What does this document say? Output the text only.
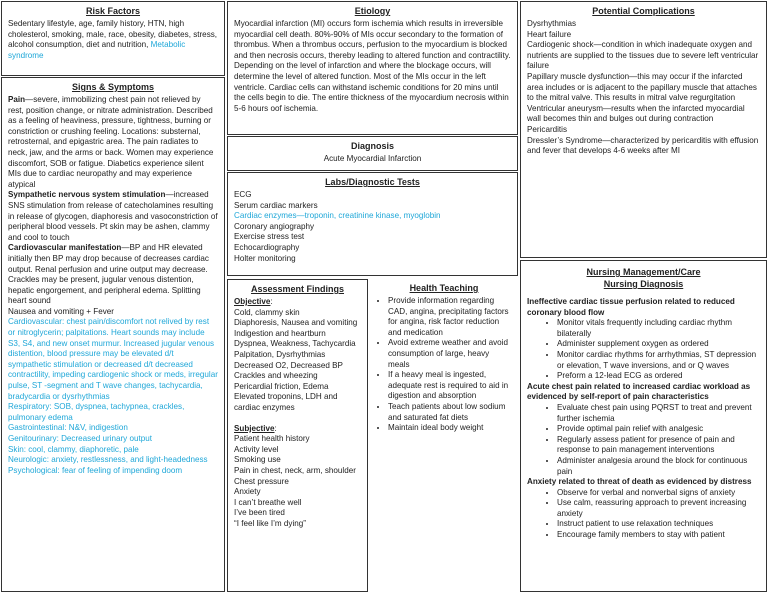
Risk Factors

Sedentary lifestyle, age, family history, HTN, high cholesterol, smoking, male, race, obesity, diabetes, stress, alcohol consumption, diet and nutrition, Metabolic syndrome

Signs & Symptoms

Pain—severe, immobilizing chest pain not relieved by rest, position change, or nitrate administration. Described as a feeling of heaviness, pressure, tightness, burning or constriction or crushing feeling. Locations: substernal, retrosternal, and epigastric area. The pain radiates to neck, jaw, and the arms or back. Women may experience discomfort, SOB or fatigue. Diabetics experience silent MIs due to cardiac neuropathy and may experience atypical

Sympathetic nervous system stimulation—increased SNS stimulation from release of catecholamines resulting in release of glycogen, diaphoresis and vasoconstriction of peripheral blood vessels. Pt skin may be ashen, clammy and cool to touch

Cardiovascular manifestation—BP and HR elevated initially then BP may drop because of decreases cardiac output. Renal perfusion and urine output may decrease. Crackles may be present, jugular venous distention, hepatic engorgement, and peripheral edema. Splitting heart sound

Nausea and vomiting + Fever

Cardiovascular: chest pain/discomfort not relived by rest or nitroglycerin; palpitations. Heart sounds may include S3, S4, and new onset murmur. Increased jugular venous distention, blood pressure may be elevated d/t sympathetic stimulation or decreased d/t decreased contractility, impeding cardiogenic shock or meds, irregular pulse, ST -segment and T wave changes, tachycardia, bradycardia or dysrhythmias

Respiratory: SOB, dyspnea, tachypnea, crackles, pulmonary edema

Gastrointestinal: N&V, indigestion

Genitourinary: Decreased urinary output

Skin: cool, clammy, diaphoretic, pale

Neurologic: anxiety, restlessness, and light-headedness

Psychological: fear of feeling of impending doom

Etiology

Myocardial infarction (MI) occurs form ischemia which results in irreversible myocardial cell death. 80%-90% of MIs occur secondary to the formation of thrombus. When a thrombus occurs, perfusion to the myocardium is blocked and then necrosis occurs, thereby leading to altered function and contractility. Depending on the level of infarction and where the blockage occurs, will determine the level of altered function. Most of the MIs occur in the left ventricle. Cardiac cells can withstand ischemic conditions for 20 mins until the cells begin to die. The entire thickness of the myocardium necrosis within 5-6 hours oof ischemia.

Diagnosis

Acute Myocardial Infarction

Labs/Diagnostic Tests

ECG

Serum cardiac markers

Cardiac enzymes—troponin, creatinine kinase, myoglobin

Coronary angiography

Exercise stress test

Echocardiography

Holter monitoring

Assessment Findings

Objective:

Cold, clammy skin

Diaphoresis, Nausea and vomiting

Indigestion and heartburn

Dyspnea, Weakness, Tachycardia

Palpitation, Dysrhythmias

Decreased O2, Decreased BP

Crackles and wheezing

Pericardial friction, Edema

Elevated troponins, LDH and cardiac enzymes

Subjective:

Patient health history

Activity level

Smoking use

Pain in chest, neck, arm, shoulder

Chest pressure

Anxiety

I can’t breathe well

I’ve been tired

“I feel like I’m dying”

Health Teaching
• Provide information regarding CAD, angina, precipitating factors for angina, risk factor reduction and medication
• Avoid extreme weather and avoid consumption of large, heavy meals
• If a heavy meal is ingested, adequate rest is required to aid in digestion and absorption
• Teach patients about low sodium and saturated fat diets
• Maintain ideal body weight
Potential Complications

Dysrhythmias

Heart failure

Cardiogenic shock—condition in which inadequate oxygen and nutrients are supplied to the tissues due to severe left ventricular failure

Papillary muscle dysfunction—this may occur if the infarcted area includes or is adjacent to the papillary muscle that attaches to the mitral valve. This results in mitral valve regurgitation

Ventricular aneurysm—results when the infarcted myocardial wall becomes thin and bulges out during contraction

Pericarditis

Dressler’s Syndrome—characterized by pericarditis with effusion and fever that develops 4-6 weeks after MI

Nursing Management/Care
Nursing Diagnosis

Ineffective cardiac tissue perfusion related to reduced coronary blood flow

• Monitor vitals frequently including cardiac rhythm bilaterally
• Administer supplement oxygen as ordered
• Monitor cardiac rhythms for arrhythmias, ST depression or elevation, T wave inversions, and or Q waves
• Preform a 12-lead ECG as ordered

Acute chest pain related to increased cardiac workload as evidenced by self-report of pain characteristics

• Evaluate chest pain using PQRST to treat and prevent further ischemia
• Provide optimal pain relief with analgesic
• Regularly assess patient for presence of pain and response to pain management interventions
• Administer analgesia around the block for continuous pain

Anxiety related to threat of death as evidenced by distress

• Observe for verbal and nonverbal signs of anxiety
• Use calm, reassuring approach to prevent increasing anxiety
• Instruct patient to use relaxation techniques
• Encourage family members to stay with patient
